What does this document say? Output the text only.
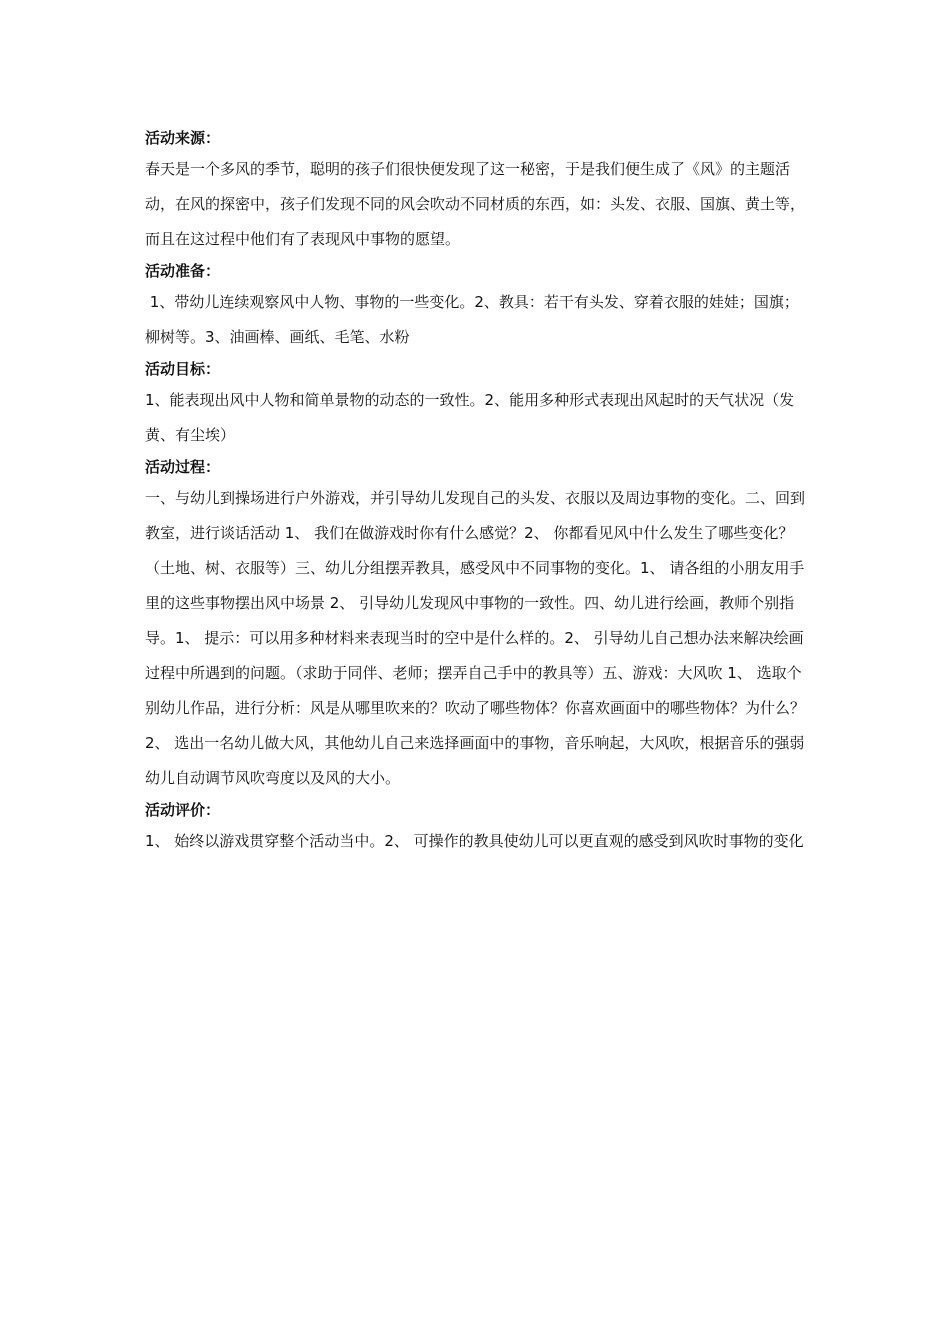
活动来源：

春天是一个多风的季节，聪明的孩子们很快便发现了这一秘密，于是我们便生成了《风》的主题活动，在风的探密中，孩子们发现不同的风会吹动不同材质的东西，如：头发、衣服、国旗、黄土等，而且在这过程中他们有了表现风中事物的愿望。

活动准备：

1、带幼儿连续观察风中人物、事物的一些变化。2、教具：若干有头发、穿着衣服的娃娃；国旗；柳树等。3、油画棒、画纸、毛笔、水粉

活动目标：

1、能表现出风中人物和简单景物的动态的一致性。2、能用多种形式表现出风起时的天气状况（发黄、有尘埃）

活动过程：

一、与幼儿到操场进行户外游戏，并引导幼儿发现自己的头发、衣服以及周边事物的变化。二、回到教室，进行谈话活动 1、 我们在做游戏时你有什么感觉？2、 你都看见风中什么发生了哪些变化？（土地、树、衣服等）三、幼儿分组摆弄教具，感受风中不同事物的变化。1、 请各组的小朋友用手里的这些事物摆出风中场景 2、 引导幼儿发现风中事物的一致性。四、幼儿进行绘画，教师个别指导。1、 提示：可以用多种材料来表现当时的空中是什么样的。2、 引导幼儿自己想办法来解决绘画过程中所遇到的问题。（求助于同伴、老师；摆弄自己手中的教具等）五、游戏：大风吹 1、 选取个别幼儿作品，进行分析：风是从哪里吹来的？吹动了哪些物体？你喜欢画面中的哪些物体？为什么？2、 选出一名幼儿做大风，其他幼儿自己来选择画面中的事物，音乐响起，大风吹，根据音乐的强弱幼儿自动调节风吹弯度以及风的大小。

活动评价：

1、 始终以游戏贯穿整个活动当中。2、 可操作的教具使幼儿可以更直观的感受到风吹时事物的变化
